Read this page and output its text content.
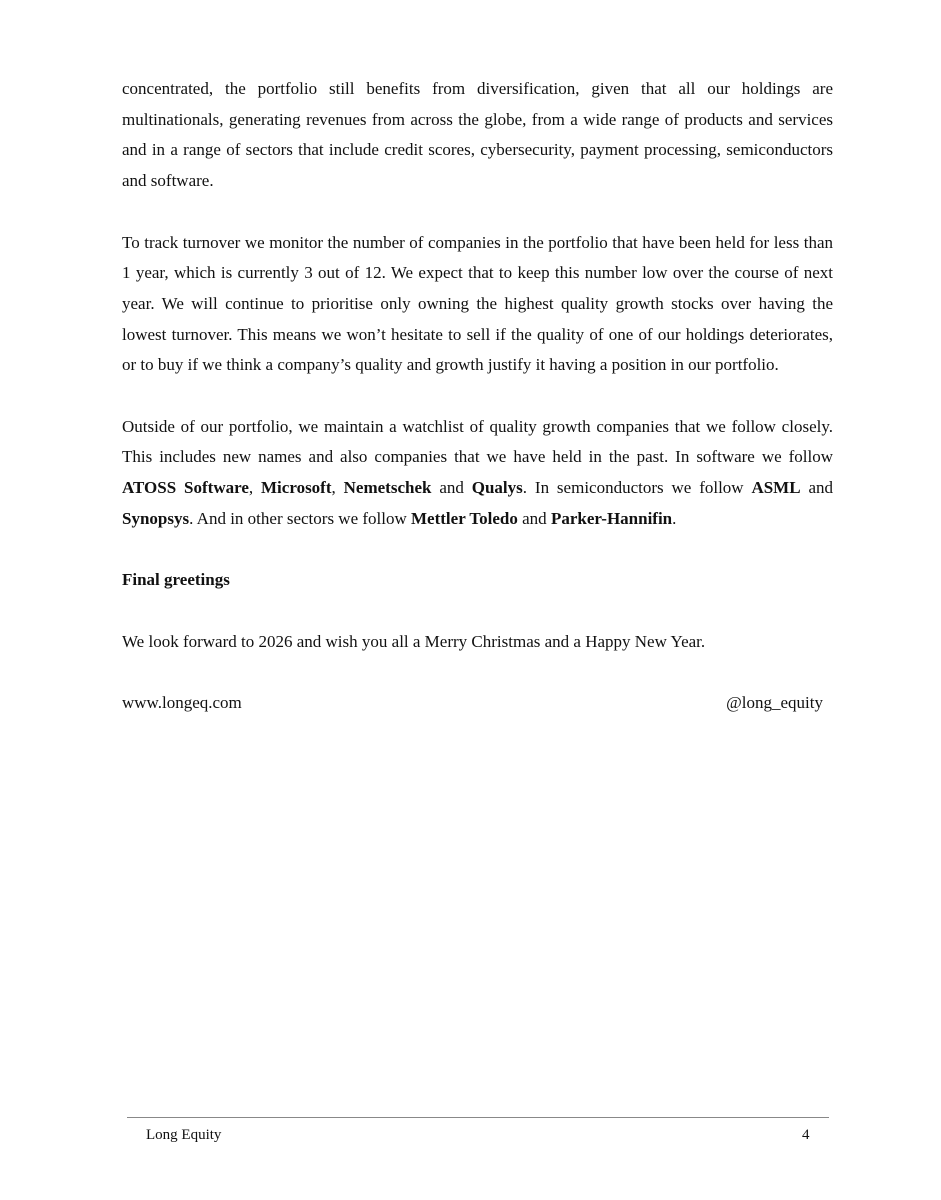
concentrated, the portfolio still benefits from diversification, given that all our holdings are multinationals, generating revenues from across the globe, from a wide range of products and services and in a range of sectors that include credit scores, cybersecurity, payment processing, semiconductors and software.

To track turnover we monitor the number of companies in the portfolio that have been held for less than 1 year, which is currently 3 out of 12. We expect that to keep this number low over the course of next year. We will continue to prioritise only owning the highest quality growth stocks over having the lowest turnover. This means we won’t hesitate to sell if the quality of one of our holdings deteriorates, or to buy if we think a company’s quality and growth justify it having a position in our portfolio.

Outside of our portfolio, we maintain a watchlist of quality growth companies that we follow closely. This includes new names and also companies that we have held in the past. In software we follow ATOSS Software, Microsoft, Nemetschek and Qualys. In semiconductors we follow ASML and Synopsys. And in other sectors we follow Mettler Toledo and Parker-Hannifin.

Final greetings

We look forward to 2026 and wish you all a Merry Christmas and a Happy New Year.

www.longeq.com	@long_equity
Long Equity	4
